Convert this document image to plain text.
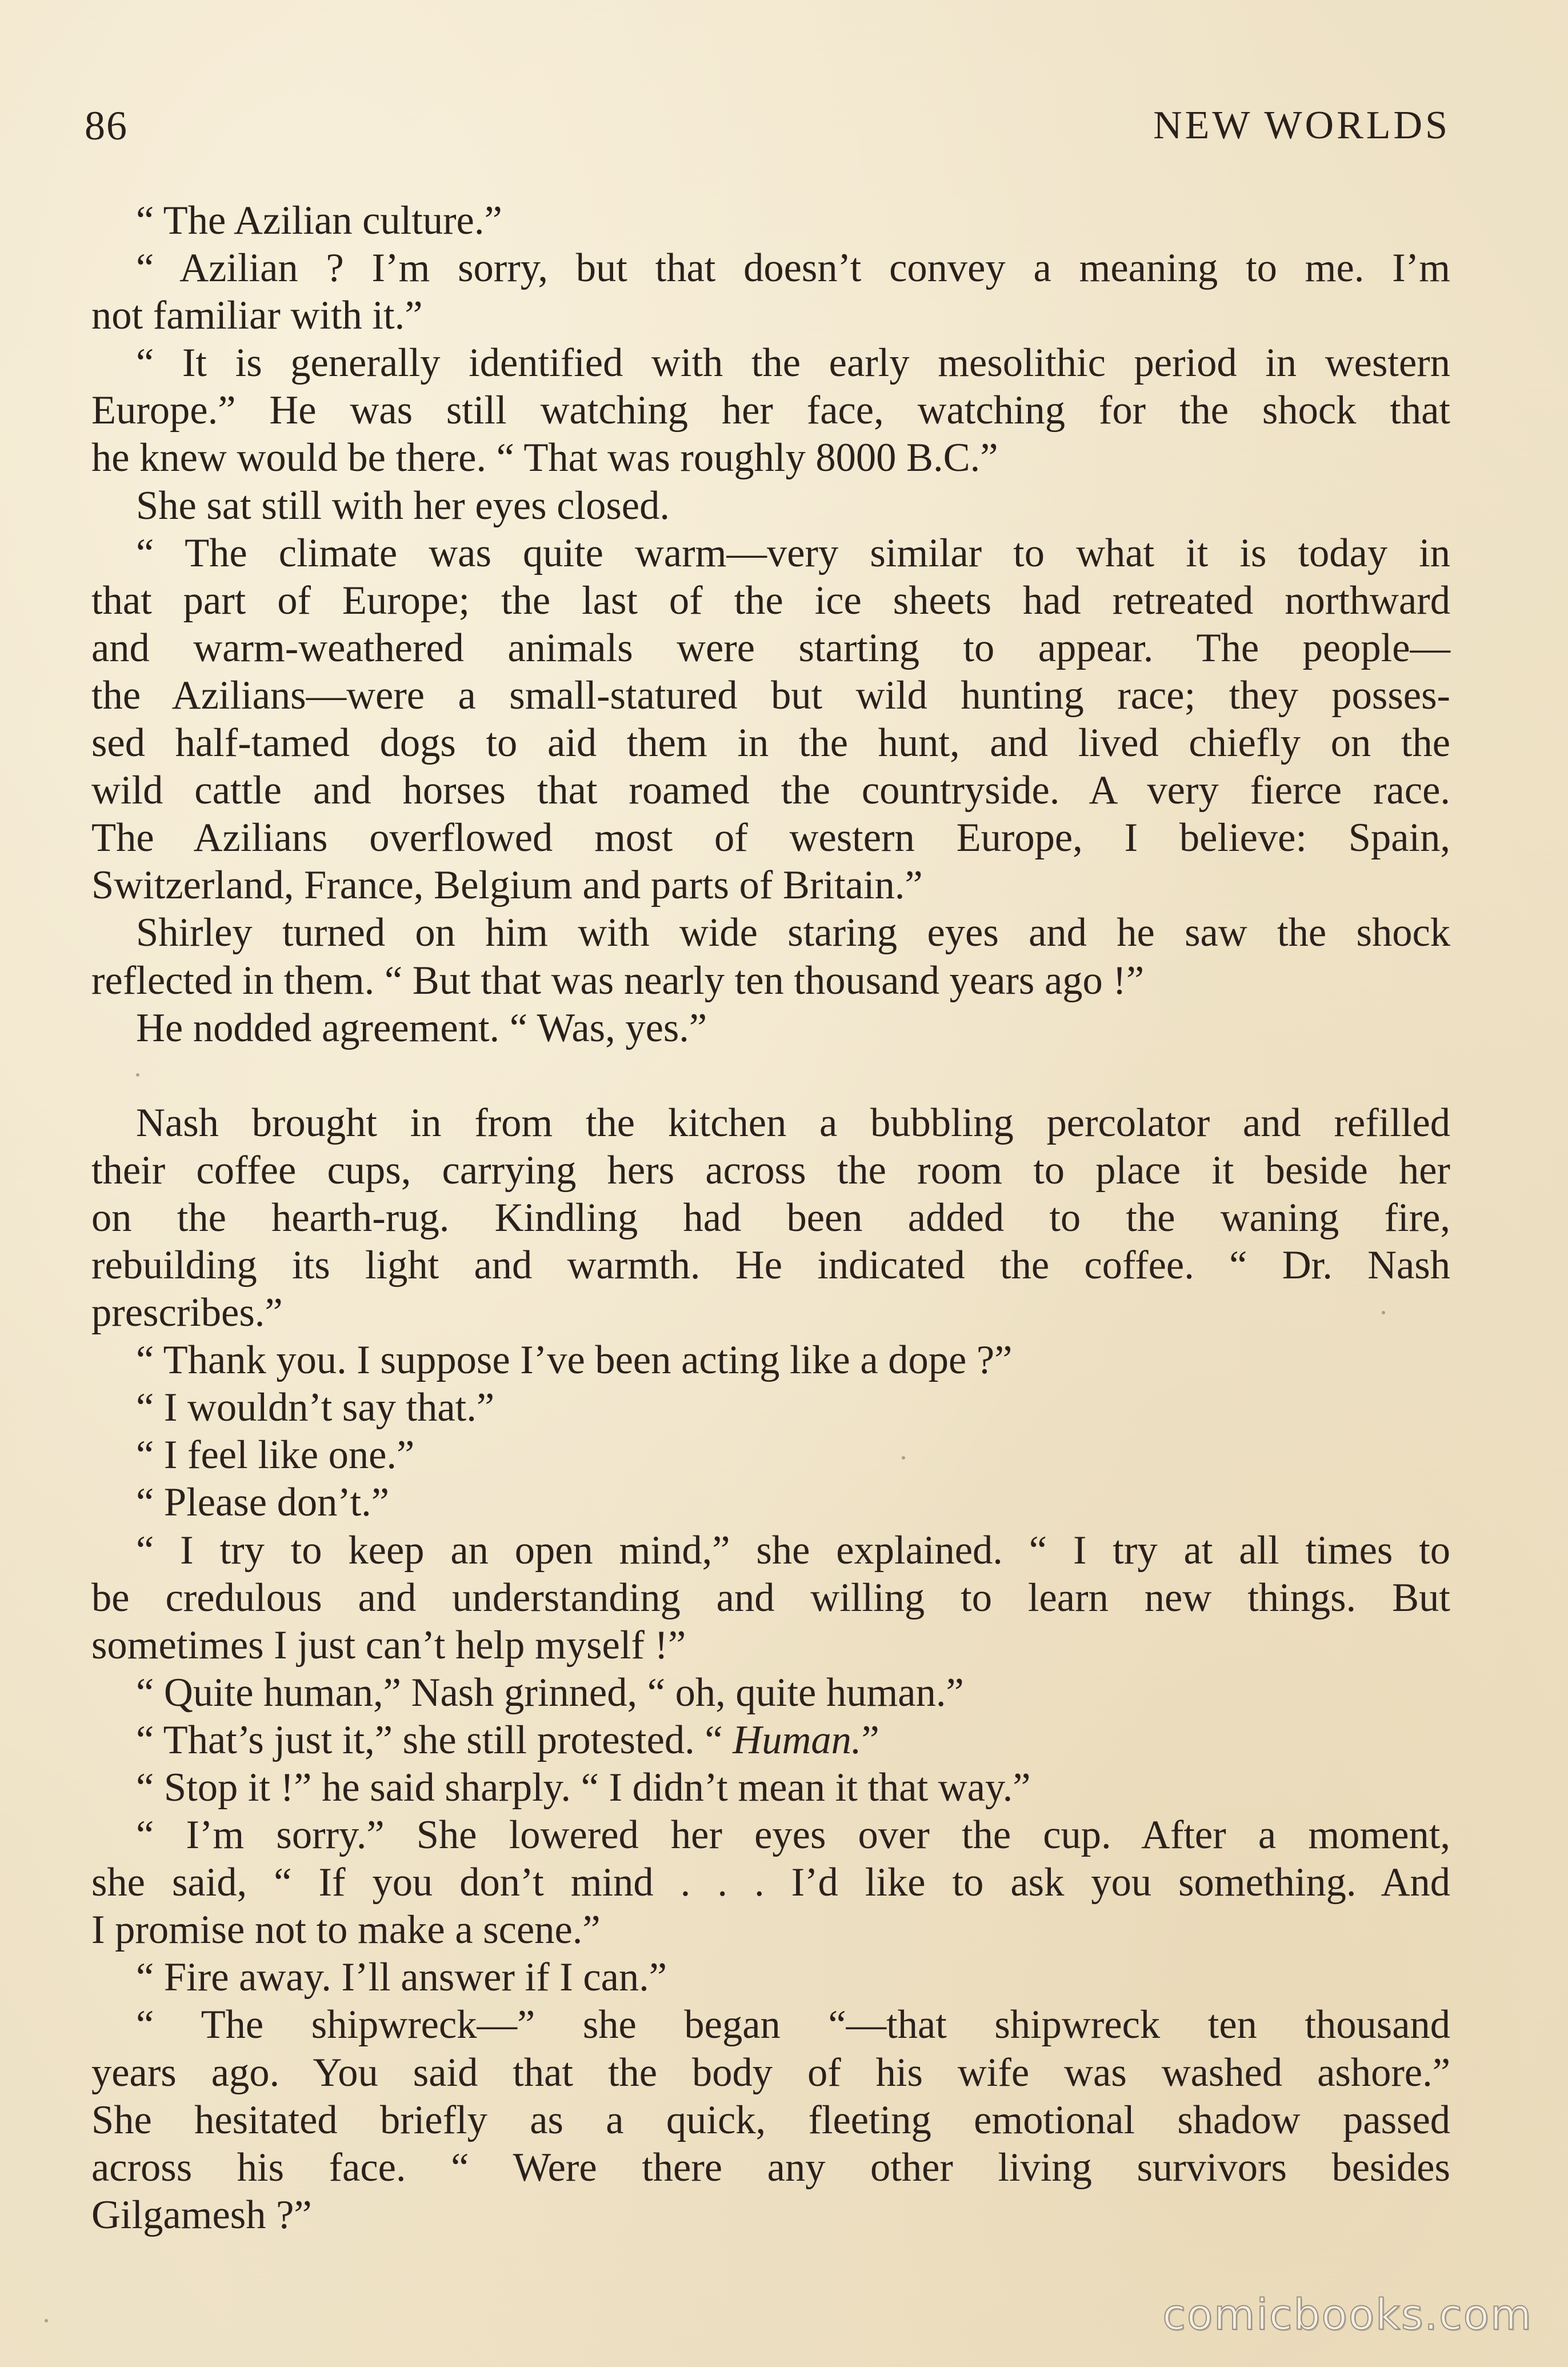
86	NEW WORLDS
“ The Azilian culture.”
“ Azilian ? I’m sorry, but that doesn’t convey a meaning to me. I’m
not familiar with it.”
“ It is generally identified with the early mesolithic period in western
Europe.” He was still watching her face, watching for the shock that
he knew would be there. “ That was roughly 8000 B.C.”
She sat still with her eyes closed.
“ The climate was quite warm—very similar to what it is today in
that part of Europe; the last of the ice sheets had retreated northward
and warm-weathered animals were starting to appear. The people—
the Azilians—were a small-statured but wild hunting race; they posses-
sed half-tamed dogs to aid them in the hunt, and lived chiefly on the
wild cattle and horses that roamed the countryside. A very fierce race.
The Azilians overflowed most of western Europe, I believe: Spain,
Switzerland, France, Belgium and parts of Britain.”
Shirley turned on him with wide staring eyes and he saw the shock
reflected in them. “ But that was nearly ten thousand years ago !”
He nodded agreement. “ Was, yes.”
Nash brought in from the kitchen a bubbling percolator and refilled
their coffee cups, carrying hers across the room to place it beside her
on the hearth-rug. Kindling had been added to the waning fire,
rebuilding its light and warmth. He indicated the coffee. “ Dr. Nash
prescribes.”
“ Thank you. I suppose I’ve been acting like a dope ?”
“ I wouldn’t say that.”
“ I feel like one.”
“ Please don’t.”
“ I try to keep an open mind,” she explained. “ I try at all times to
be credulous and understanding and willing to learn new things. But
sometimes I just can’t help myself !”
“ Quite human,” Nash grinned, “ oh, quite human.”
“ That’s just it,” she still protested. “ Human.”
“ Stop it !” he said sharply. “ I didn’t mean it that way.”
“ I’m sorry.” She lowered her eyes over the cup. After a moment,
she said, “ If you don’t mind . . . I’d like to ask you something. And
I promise not to make a scene.”
“ Fire away. I’ll answer if I can.”
“ The shipwreck—” she began “—that shipwreck ten thousand
years ago. You said that the body of his wife was washed ashore.”
She hesitated briefly as a quick, fleeting emotional shadow passed
across his face. “ Were there any other living survivors besides
Gilgamesh ?”
comicbooks.com
